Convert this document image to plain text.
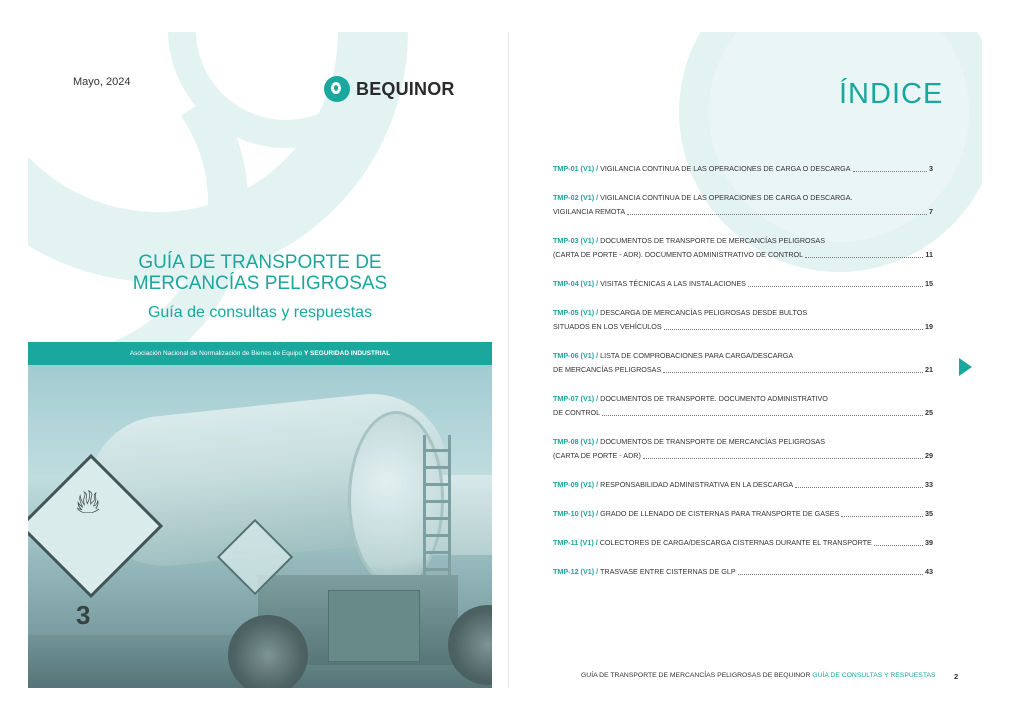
Mayo, 2024	BEQUINOR
GUÍA DE TRANSPORTE DE
MERCANCÍAS PELIGROSAS
Guía de consultas y respuestas
Asociación Nacional de Normalización de Bienes de Equipo Y SEGURIDAD INDUSTRIAL
🔥︎
3
ÍNDICE
TMP-01 (V1) / VIGILANCIA CONTINUA DE LAS OPERACIONES DE CARGA O DESCARGA	3
TMP-02 (V1) / VIGILANCIA CONTINUA DE LAS OPERACIONES DE CARGA O DESCARGA.
VIGILANCIA REMOTA	7
TMP-03 (V1) / DOCUMENTOS DE TRANSPORTE DE MERCANCÍAS PELIGROSAS
(CARTA DE PORTE - ADR). DOCUMENTO ADMINISTRATIVO DE CONTROL	11
TMP-04 (V1) / VISITAS TÉCNICAS A LAS INSTALACIONES	15
TMP-05 (V1) / DESCARGA DE MERCANCÍAS PELIGROSAS DESDE BULTOS
SITUADOS EN LOS VEHÍCULOS	19
TMP-06 (V1) / LISTA DE COMPROBACIONES PARA CARGA/DESCARGA
DE MERCANCÍAS PELIGROSAS	21
TMP-07 (V1) / DOCUMENTOS DE TRANSPORTE. DOCUMENTO ADMINISTRATIVO
DE CONTROL	25
TMP-08 (V1) / DOCUMENTOS DE TRANSPORTE DE MERCANCÍAS PELIGROSAS
(CARTA DE PORTE - ADR)	29
TMP-09 (V1) / RESPONSABILIDAD ADMINISTRATIVA EN LA DESCARGA	33
TMP-10 (V1) / GRADO DE LLENADO DE CISTERNAS PARA TRANSPORTE DE GASES	35
TMP-11 (V1) / COLECTORES DE CARGA/DESCARGA CISTERNAS DURANTE EL TRANSPORTE	39
TMP-12 (V1) / TRASVASE ENTRE CISTERNAS DE GLP	43
GUÍA DE TRANSPORTE DE MERCANCÍAS PELIGROSAS DE BEQUINOR GUÍA DE CONSULTAS Y RESPUESTAS 2
